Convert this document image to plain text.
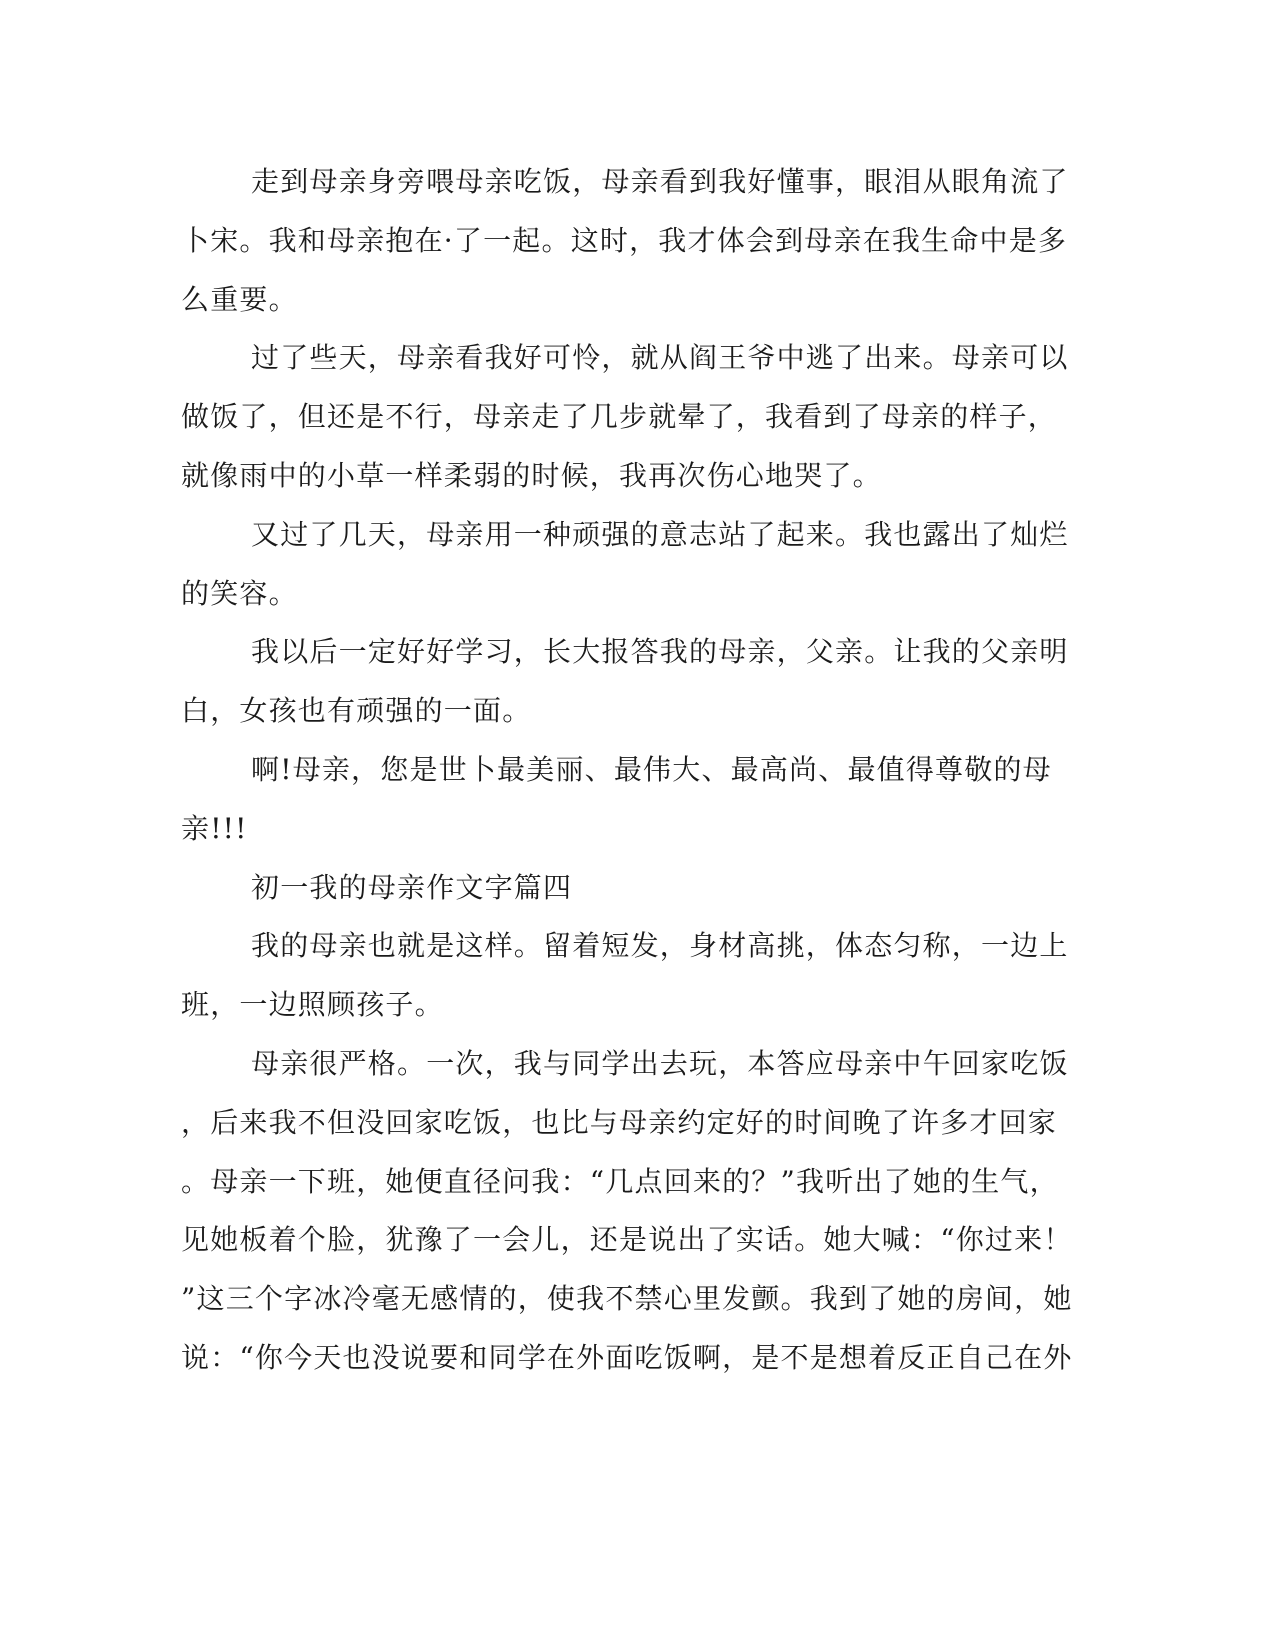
走到母亲身旁喂母亲吃饭，母亲看到我好懂事，眼泪从眼角流了
卜宋。我和母亲抱在·了一起。这时，我才体会到母亲在我生命中是多
么重要。
过了些天，母亲看我好可怜，就从阎王爷中逃了出来。母亲可以
做饭了，但还是不行，母亲走了几步就晕了，我看到了母亲的样子，
就像雨中的小草一样柔弱的时候，我再次伤心地哭了。
又过了几天，母亲用一种顽强的意志站了起来。我也露出了灿烂
的笑容。
我以后一定好好学习，长大报答我的母亲，父亲。让我的父亲明
白，女孩也有顽强的一面。
啊!母亲，您是世卜最美丽、最伟大、最高尚、最值得尊敬的母
亲!!!
初一我的母亲作文字篇四
我的母亲也就是这样。留着短发，身材高挑，体态匀称，一边上
班，一边照顾孩子。
母亲很严格。一次，我与同学出去玩，本答应母亲中午回家吃饭
，后来我不但没回家吃饭，也比与母亲约定好的时间晚了许多才回家
。母亲一下班，她便直径问我：“几点回来的？”我听出了她的生气，
见她板着个脸，犹豫了一会儿，还是说出了实话。她大喊：“你过来！
”这三个字冰冷毫无感情的，使我不禁心里发颤。我到了她的房间，她
说：“你今天也没说要和同学在外面吃饭啊，是不是想着反正自己在外
